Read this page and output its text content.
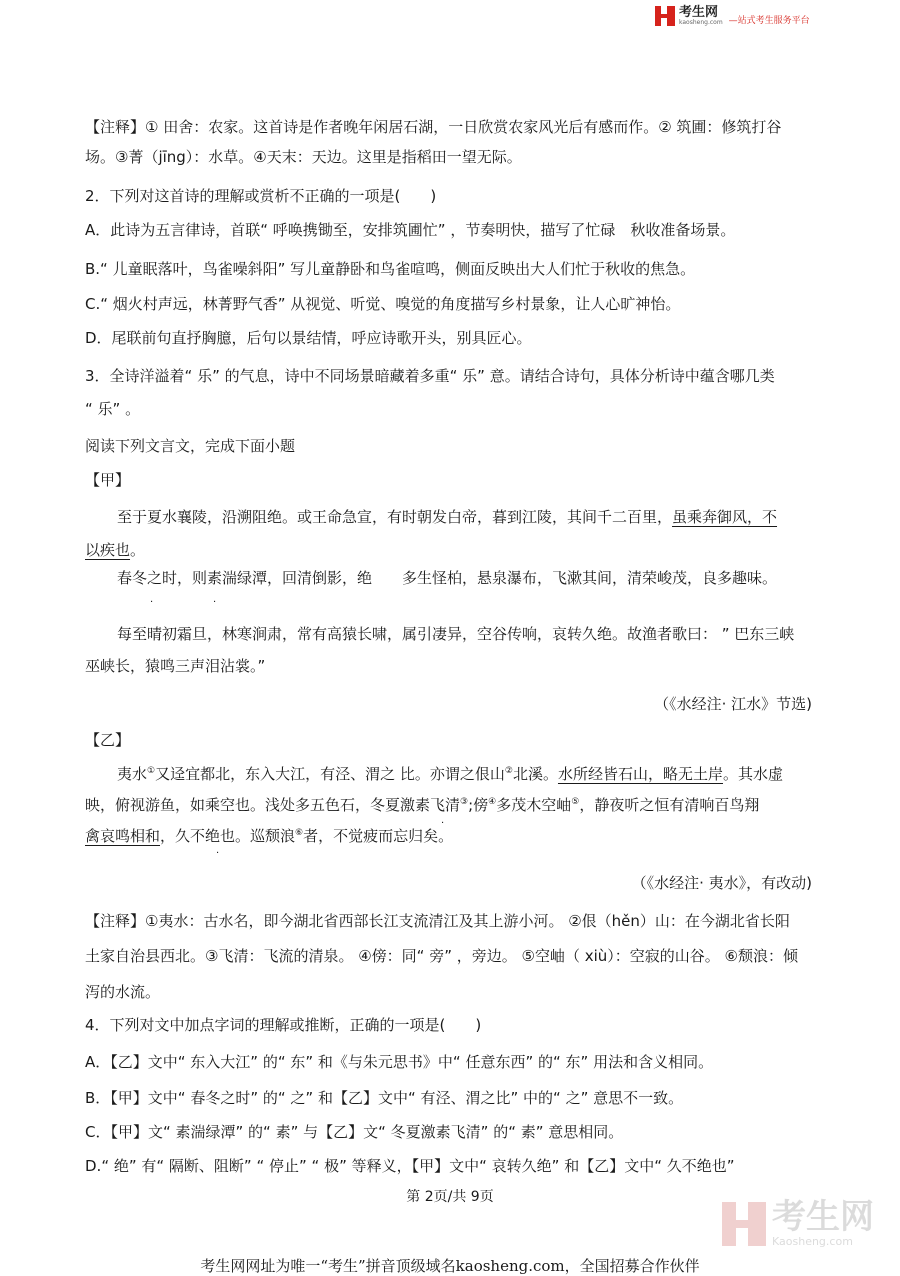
考生网
kaosheng.com —站式考生服务平台
【注释】① 田舍：农家。这首诗是作者晚年闲居石湖，一日欣赏农家风光后有感而作。② 筑圃：修筑打谷
场。③菁（jīng）：水草。④天末：天边。这里是指稻田一望无际。
2．下列对这首诗的理解或赏析不正确的一项是(　　)
A．此诗为五言律诗，首联“ 呼唤携锄至，安排筑圃忙” ，节奏明快，描写了忙碌　秋收准备场景。
B.“ 儿童眠落叶，鸟雀噪斜阳” 写儿童静卧和鸟雀喧鸣，侧面反映出大人们忙于秋收的焦急。
C.“ 烟火村声远，林菁野气香” 从视觉、听觉、嗅觉的角度描写乡村景象，让人心旷神怡。
D．尾联前句直抒胸臆，后句以景结情，呼应诗歌开头，别具匠心。
3．全诗洋溢着“ 乐” 的气息，诗中不同场景暗藏着多重“ 乐” 意。请结合诗句，具体分析诗中蕴含哪几类
“ 乐” 。
阅读下列文言文，完成下面小题
【甲】
至于夏水襄陵，沿溯阻绝。或王命急宣，有时朝发白帝，暮到江陵，其间千二百里，虽乘奔御风，不
以疾也。
春冬之时，则素湍绿潭，回清倒影，绝　　多生怪柏，悬泉瀑布，飞漱其间，清荣峻茂，良多趣味。
·	·
每至晴初霜旦，林寒涧肃，常有高猿长啸，属引凄异，空谷传响，哀转久绝。故渔者歌曰： ” 巴东三峡
巫峡长，猿鸣三声泪沾裳。”
（《水经注· 江水》节选)
【乙】
夷水①又迳宜都北，东入大江，有泾、渭之 比。亦谓之佷山②北溪。水所经皆石山，略无土岸。其水虚
映，俯视游鱼，如乘空也。浅处多五色石，冬夏激素飞清③;傍④多茂木空岫⑤，静夜听之恒有清响百鸟翔
·
禽哀鸣相和，久不绝也。巡颓浪⑥者，不觉疲而忘归矣。
·
（《水经注· 夷水》，有改动)
【注释】①夷水：古水名，即今湖北省西部长江支流清江及其上游小河。 ②佷（hěn）山：在今湖北省长阳
土家自治县西北。③飞清：飞流的清泉。 ④傍：同“ 旁” ，旁边。 ⑤空岫（ xiù）：空寂的山谷。 ⑥颓浪：倾
泻的水流。
4．下列对文中加点字词的理解或推断，正确的一项是(　　)
A．【乙】文中“ 东入大江” 的“ 东” 和《与朱元思书》中“ 任意东西” 的“ 东” 用法和含义相同。
B．【甲】文中“ 春冬之时” 的“ 之” 和【乙】文中“ 有泾、渭之比” 中的“ 之” 意思不一致。
C．【甲】文“ 素湍绿潭” 的“ 素” 与【乙】文“ 冬夏激素飞清” 的“ 素” 意思相同。
D.“ 绝” 有“ 隔断、阻断” “ 停止” “ 极” 等释义，【甲】文中“ 哀转久绝” 和【乙】文中“ 久不绝也”
第 2页/共 9页	考生网
Kaosheng.com
考生网网址为唯一“考生”拼音顶级域名kaosheng.com，全国招募合作伙伴
